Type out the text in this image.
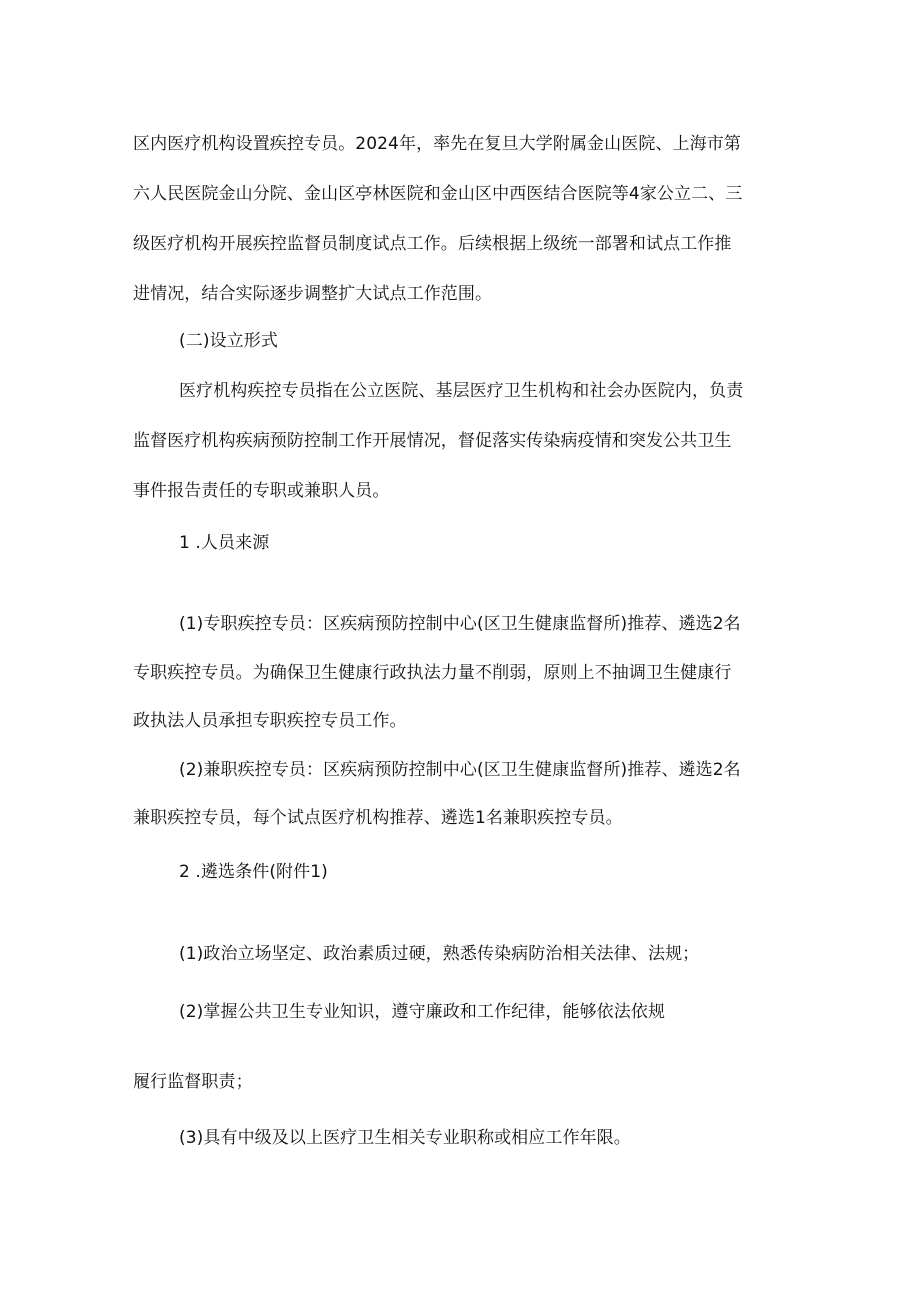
区内医疗机构设置疾控专员。2024年，率先在复旦大学附属金山医院、上海市第
六人民医院金山分院、金山区亭林医院和金山区中西医结合医院等4家公立二、三
级医疗机构开展疾控监督员制度试点工作。后续根据上级统一部署和试点工作推
进情况，结合实际逐步调整扩大试点工作范围。
(二)设立形式
医疗机构疾控专员指在公立医院、基层医疗卫生机构和社会办医院内，负责
监督医疗机构疾病预防控制工作开展情况，督促落实传染病疫情和突发公共卫生
事件报告责任的专职或兼职人员。
1 .人员来源
(1)专职疾控专员：区疾病预防控制中心(区卫生健康监督所)推荐、遴选2名
专职疾控专员。为确保卫生健康行政执法力量不削弱，原则上不抽调卫生健康行
政执法人员承担专职疾控专员工作。
(2)兼职疾控专员：区疾病预防控制中心(区卫生健康监督所)推荐、遴选2名
兼职疾控专员，每个试点医疗机构推荐、遴选1名兼职疾控专员。
2 .遴选条件(附件1)
(1)政治立场坚定、政治素质过硬，熟悉传染病防治相关法律、法规；
(2)掌握公共卫生专业知识，遵守廉政和工作纪律，能够依法依规
履行监督职责；
(3)具有中级及以上医疗卫生相关专业职称或相应工作年限。
